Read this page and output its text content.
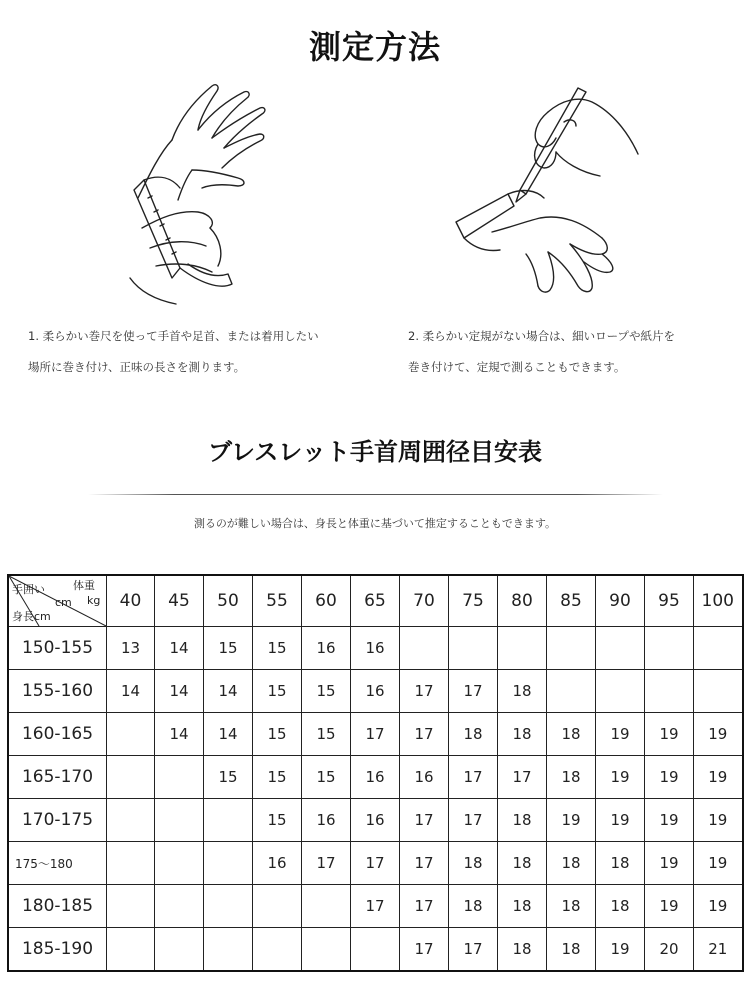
測定方法
1. 柔らかい巻尺を使って手首や足首、または着用したい
場所に巻き付け、正味の長さを測ります。
2. 柔らかい定規がない場合は、細いロープや紙片を
巻き付けて、定規で測ることもできます。
ブレスレット手首周囲径目安表
測るのが難しい場合は、身長と体重に基づいて推定することもできます。
体重
kg
手囲い
cm
身長cm	40	45	50	55	60	65	70	75	80	85	90	95	100
150-155	13	14	15	15	16	16							
155-160	14	14	14	15	15	16	17	17	18				
160-165		14	14	15	15	17	17	18	18	18	19	19	19
165-170			15	15	15	16	16	17	17	18	19	19	19
170-175				15	16	16	17	17	18	19	19	19	19
175～180				16	17	17	17	18	18	18	18	19	19
180-185						17	17	18	18	18	18	19	19
185-190							17	17	18	18	19	20	21
